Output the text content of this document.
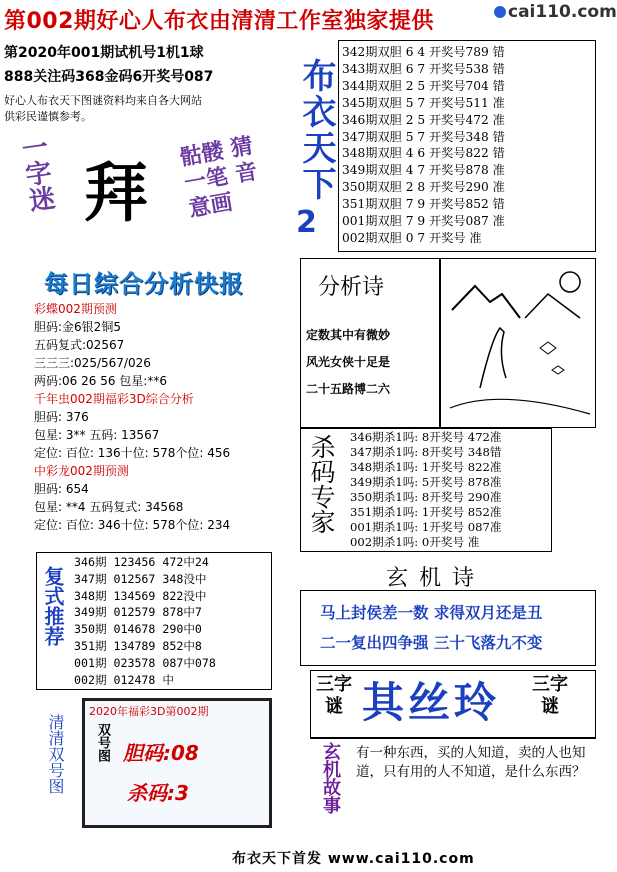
第002期好心人布衣由清清工作室独家提供	cai110.com
第2020年001期试机号1机1球
888关注码368金码6开奖号087
好心人布衣天下图谜资料均来自各大网站
供彩民谨慎参考。
一字迷 拜
骷髅 猜一笔 音意画
布衣天下
2
342期双胆 6 4 开奖号789 错
343期双胆 6 7 开奖号538 错
344期双胆 2 5 开奖号704 错
345期双胆 5 7 开奖号511 准
346期双胆 2 5 开奖号472 准
347期双胆 5 7 开奖号348 错
348期双胆 4 6 开奖号822 错
349期双胆 4 7 开奖号878 准
350期双胆 2 8 开奖号290 准
351期双胆 7 9 开奖号852 错
001期双胆 7 9 开奖号087 准
002期双胆 0 7 开奖号 准
每日综合分析快报
彩蝶002期预测
胆码:金6银2铜5
五码复式:02567
三三三:025/567/026
两码:06 26 56 包星:**6
千年虫002期福彩3D综合分析
胆码: 376
包星: 3** 五码: 13567
定位: 百位: 136十位: 578个位: 456
中彩龙002期预测
胆码: 654
包星: **4 五码复式: 34568
定位: 百位: 346十位: 578个位: 234
分析诗
定数其中有微妙
风光女侠十足是
二十五路博二六
杀码专家 346期杀1吗: 8开奖号 472准
347期杀1吗: 8开奖号 348错
348期杀1吗: 1开奖号 822准
349期杀1吗: 5开奖号 878准
350期杀1吗: 8开奖号 290准
351期杀1吗: 1开奖号 852准
001期杀1吗: 1开奖号 087准
002期杀1吗: 0开奖号 准
复式推荐
346期 123456 472中24
347期 012567 348没中
348期 134569 822没中
349期 012579 878中7
350期 014678 290中0
351期 134789 852中8
001期 023578 087中078
002期 012478 中
玄 机 诗
马上封侯差一数 求得双月还是丑
二一复出四争强 三十飞落九不变
三字谜 其丝玲 三字谜
清清双号图
2020年福彩3D第002期
双号图 胆码:08
杀码:3	玄机故事 有一种东西，买的人知道，卖的人也知道，只有用的人不知道，是什么东西？
布衣天下首发 www.cai110.com
